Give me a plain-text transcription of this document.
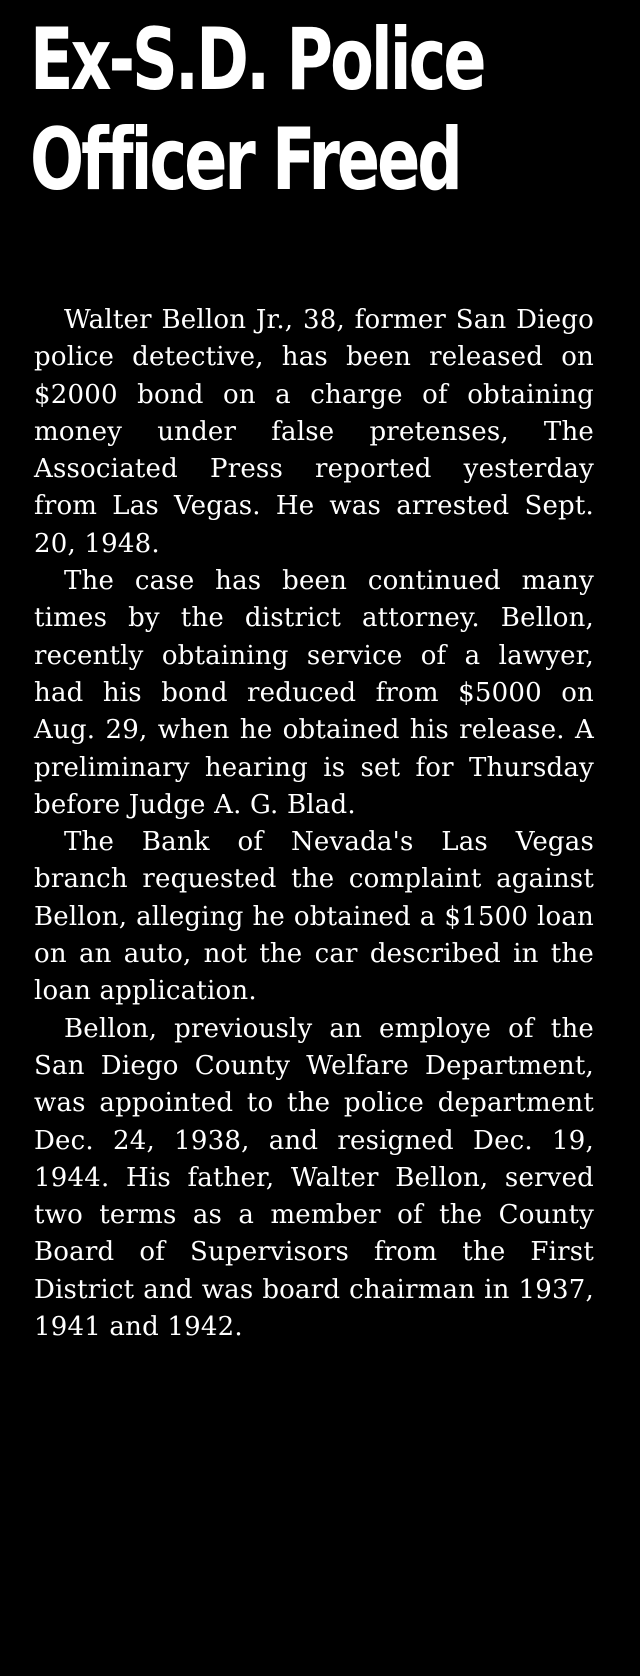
Ex-S.D. Police
Officer Freed

Walter Bellon Jr., 38, former San Diego police detective, has been released on $2000 bond on a charge of obtaining money under false pretenses, The Associated Press reported yesterday from Las Vegas. He was arrested Sept. 20, 1948.

The case has been continued many times by the district attorney. Bellon, recently obtaining service of a lawyer, had his bond reduced from $5000 on Aug. 29, when he obtained his release. A preliminary hearing is set for Thursday before Judge A. G. Blad.

The Bank of Nevada's Las Vegas branch requested the complaint against Bellon, alleging he obtained a $1500 loan on an auto, not the car described in the loan application.

Bellon, previously an employe of the San Diego County Welfare Department, was appointed to the police department Dec. 24, 1938, and resigned Dec. 19, 1944. His father, Walter Bellon, served two terms as a member of the County Board of Supervisors from the First District and was board chairman in 1937, 1941 and 1942.
